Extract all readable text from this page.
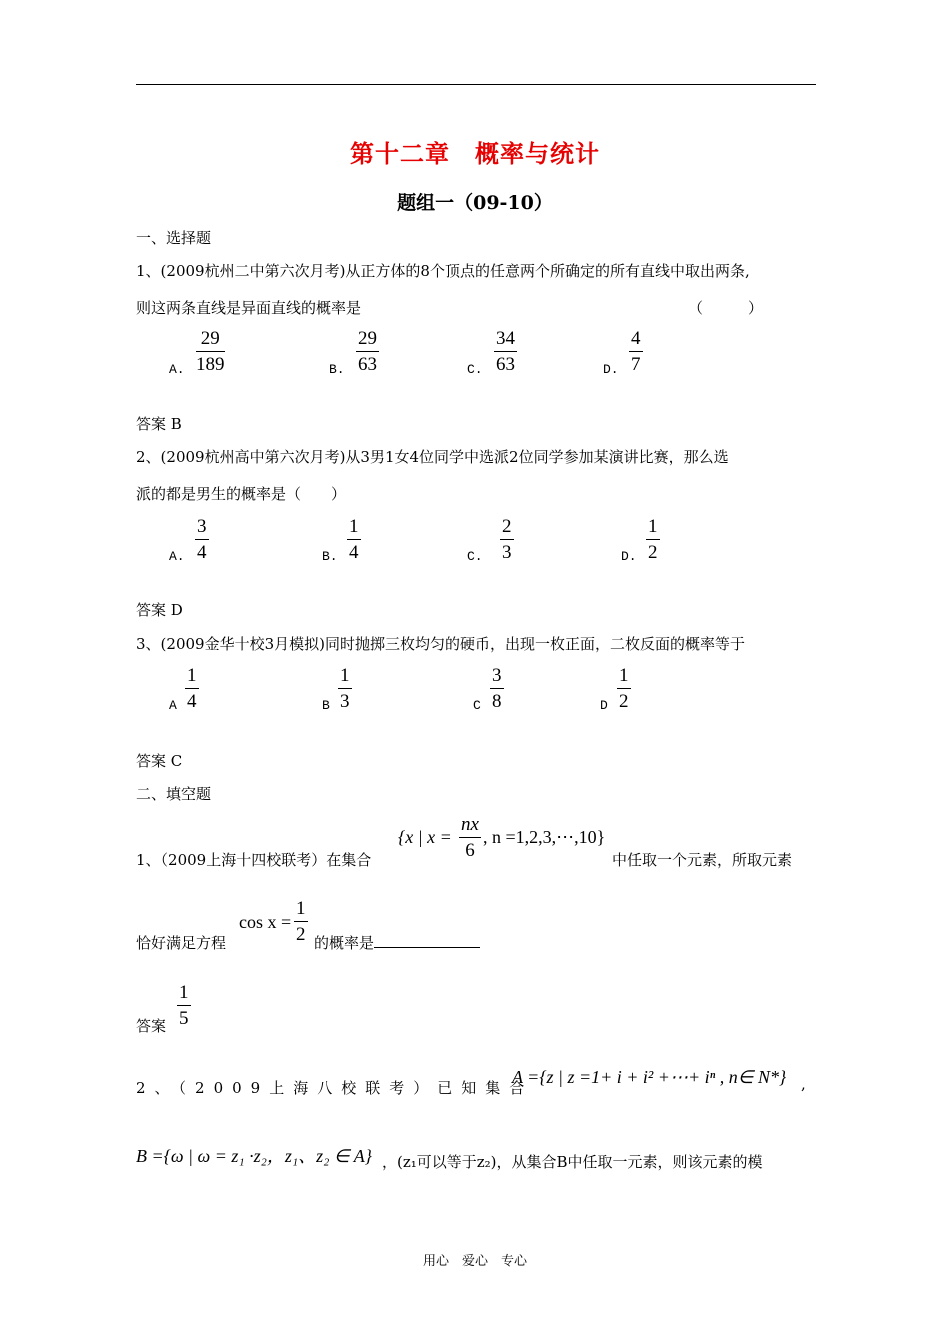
第十二章　概率与统计
题组一（09-10）
一、选择题
1、(2009杭州二中第六次月考)从正方体的8个顶点的任意两个所确定的所有直线中取出两条,
则这两条直线是异面直线的概率是	（　　　）
A.
29
189	B.
29
63	C.
34
63	D.
4
7
答案 B
2、(2009杭州高中第六次月考)从3男1女4位同学中选派2位同学参加某演讲比赛，那么选
派的都是男生的概率是（　　）
A.
3
4	B.
1
4	C.
2
3	D.
1
2
答案 D
3、(2009金华十校3月模拟)同时抛掷三枚均匀的硬币，出现一枚正面，二枚反面的概率等于
A
1
4	B
1
3	C
3
8	D
1
2
答案 C
二、填空题
1、（2009上海十四校联考）在集合
{x | x =
nx
6
, n =1,2,3,⋯,10}
中任取一个元素，所取元素
恰好满足方程
cos x =
1
2 的概率是
答案
1
5
2、（2009上海八校联考）已知集合
A ={z | z =1+ i + i² +⋯+ iⁿ , n∈ N*} ,
B ={ω | ω = z₁ ·z₂，z₁、z₂ ∈ A} ，(z₁可以等于z₂)，从集合B中任取一元素，则该元素的模
用心　爱心　专心
